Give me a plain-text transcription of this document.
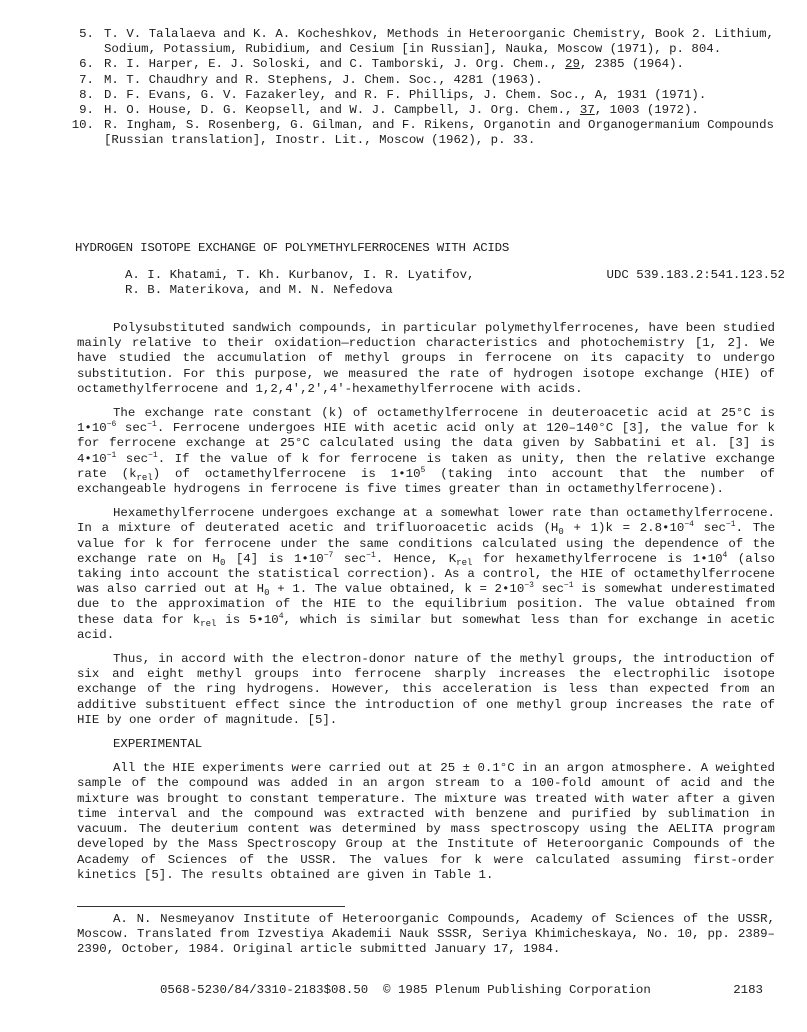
5. T. V. Talalaeva and K. A. Kocheshkov, Methods in Heteroorganic Chemistry, Book 2. Lithium, Sodium, Potassium, Rubidium, and Cesium [in Russian], Nauka, Moscow (1971), p. 804.
6. R. I. Harper, E. J. Soloski, and C. Tamborski, J. Org. Chem., 29, 2385 (1964).
7. M. T. Chaudhry and R. Stephens, J. Chem. Soc., 4281 (1963).
8. D. F. Evans, G. V. Fazakerley, and R. F. Phillips, J. Chem. Soc., A, 1931 (1971).
9. H. O. House, D. G. Keopsell, and W. J. Campbell, J. Org. Chem., 37, 1003 (1972).
10. R. Ingham, S. Rosenberg, G. Gilman, and F. Rikens, Organotin and Organogermanium Compounds [Russian translation], Inostr. Lit., Moscow (1962), p. 33.
HYDROGEN ISOTOPE EXCHANGE OF POLYMETHYLFERROCENES WITH ACIDS
A. I. Khatami, T. Kh. Kurbanov, I. R. Lyatifov,
R. B. Materikova, and M. N. Nefedova
UDC 539.183.2:541.123.52

Polysubstituted sandwich compounds, in particular polymethylferrocenes, have been studied mainly relative to their oxidation—reduction characteristics and photochemistry [1, 2]. We have studied the accumulation of methyl groups in ferrocene on its capacity to undergo substitution. For this purpose, we measured the rate of hydrogen isotope exchange (HIE) of octamethylferrocene and 1,2,4',2',4'-hexamethylferrocene with acids.

The exchange rate constant (k) of octamethylferrocene in deuteroacetic acid at 25°C is $1•10^{-6}$ $\sec^{-1}$. Ferrocene undergoes HIE with acetic acid only at 120–140°C [3], the value for k for ferrocene exchange at 25°C calculated using the data given by Sabbatini et al. [3] is $4•10^{-1}$ $\sec^{-1}$. If the value of k for ferrocene is taken as unity, then the relative exchange rate $(k_{rel})$ of octamethylferrocene is $1•10^5$ (taking into account that the number of exchangeable hydrogens in ferrocene is five times greater than in octamethylferrocene).

Hexamethylferrocene undergoes exchange at a somewhat lower rate than octamethylferrocene. In a mixture of deuterated acetic and trifluoroacetic acids $(H_0 + 1)k$ = $2.8•10^{-4}$ $\sec^{-1}$. The value for k for ferrocene under the same conditions calculated using the dependence of the exchange rate on $H_0$ [4] is $1•10^{-7}$ $\sec^{-1}$. Hence, $K_{rel}$ for hexamethylferrocene is $1•10^4$ (also taking into account the statistical correction). As a control, the HIE of octamethylferrocene was also carried out at $H_0 + 1$. The value obtained, $k = 2•10^{-3}$ $\sec^{-1}$ is somewhat underestimated due to the approximation of the HIE to the equilibrium position. The value obtained from these data for $k_{rel}$ is $5•10^4$, which is similar but somewhat less than for exchange in acetic acid.

Thus, in accord with the electron-donor nature of the methyl groups, the introduction of six and eight methyl groups into ferrocene sharply increases the electrophilic isotope exchange of the ring hydrogens. However, this acceleration is less than expected from an additive substituent effect since the introduction of one methyl group increases the rate of HIE by one order of magnitude. [5].

EXPERIMENTAL

All the HIE experiments were carried out at 25 ± 0.1°C in an argon atmosphere. A weighted sample of the compound was added in an argon stream to a 100-fold amount of acid and the mixture was brought to constant temperature. The mixture was treated with water after a given time interval and the compound was extracted with benzene and purified by sublimation in vacuum. The deuterium content was determined by mass spectroscopy using the AELITA program developed by the Mass Spectroscopy Group at the Institute of Heteroorganic Compounds of the Academy of Sciences of the USSR. The values for k were calculated assuming first-order kinetics [5]. The results obtained are given in Table 1.

A. N. Nesmeyanov Institute of Heteroorganic Compounds, Academy of Sciences of the USSR, Moscow. Translated from Izvestiya Akademii Nauk SSSR, Seriya Khimicheskaya, No. 10, pp. 2389–2390, October, 1984. Original article submitted January 17, 1984.
0568-5230/84/3310-2183$08.50 © 1985 Plenum Publishing Corporation	2183
